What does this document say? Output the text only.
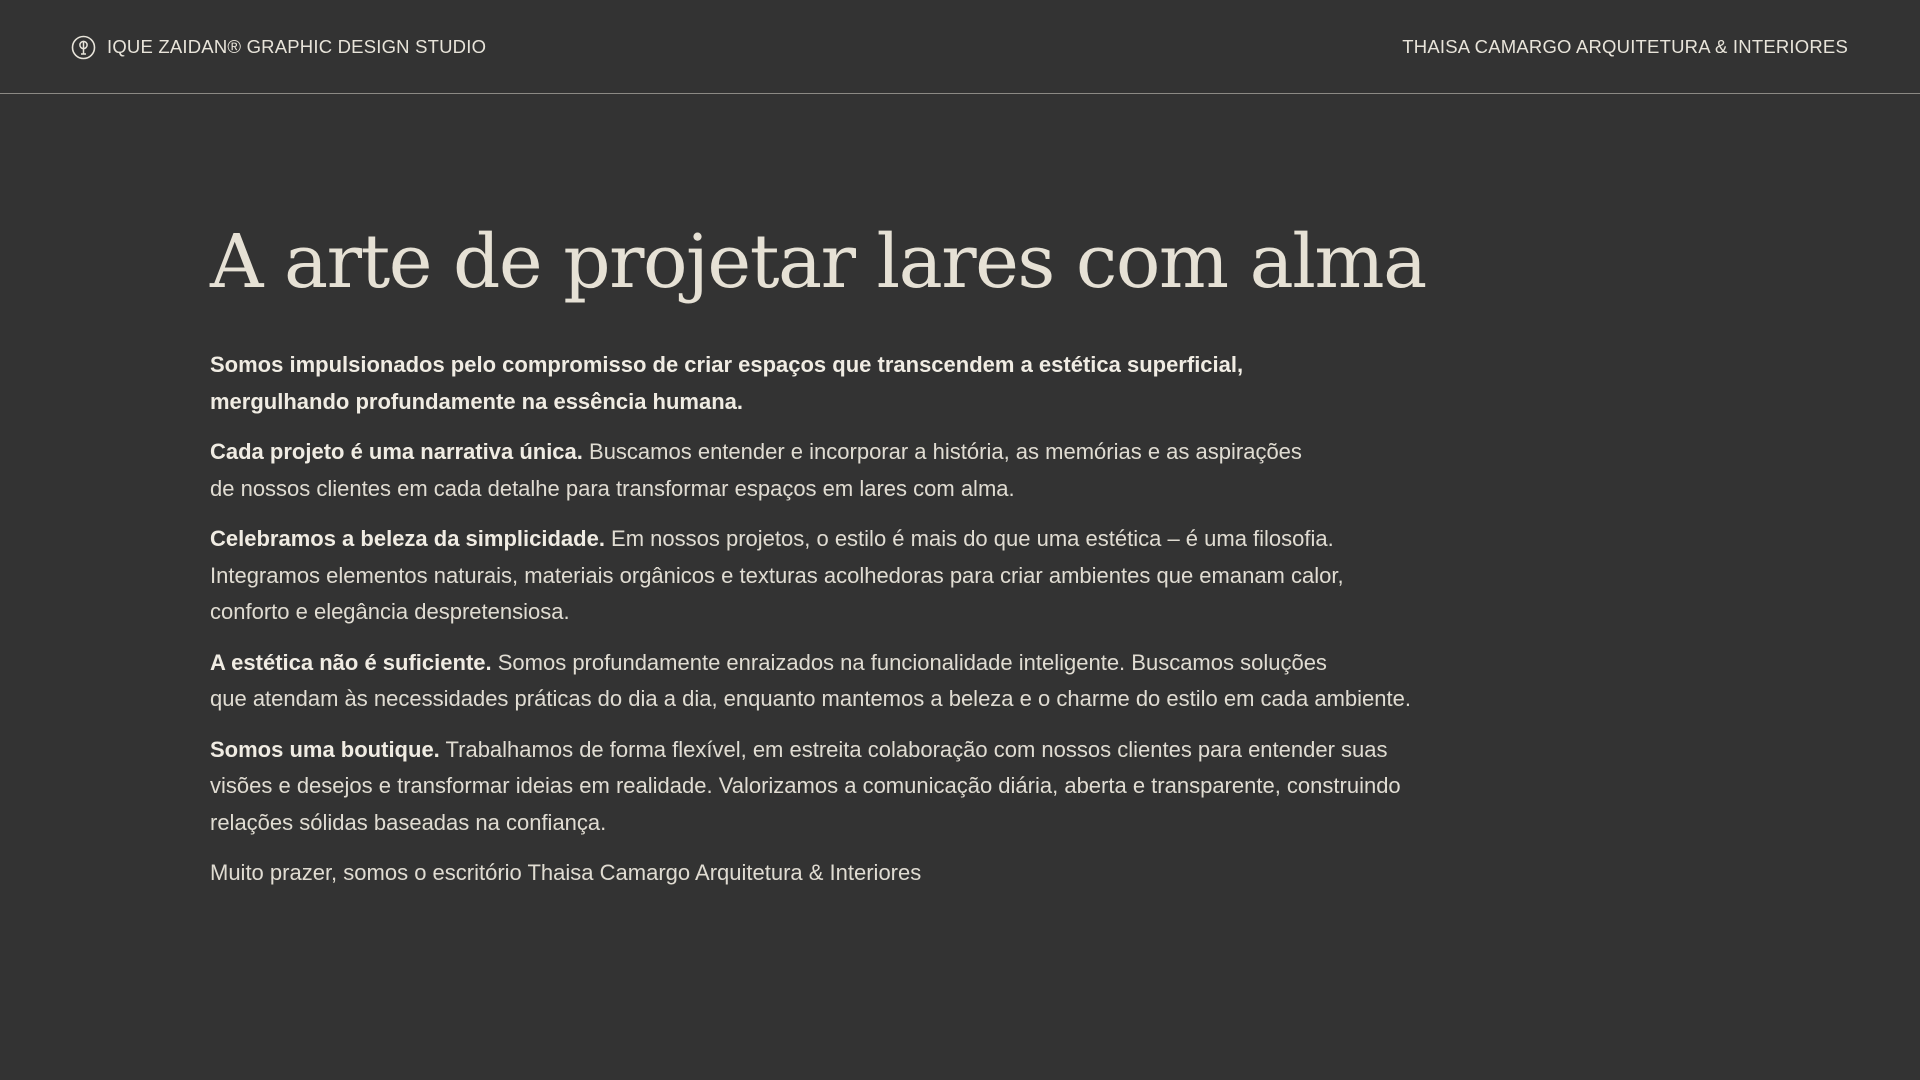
IQUE ZAIDAN® GRAPHIC DESIGN STUDIO	THAISA CAMARGO ARQUITETURA & INTERIORES
A arte de projetar lares com alma

Somos impulsionados pelo compromisso de criar espaços que transcendem a estética superficial,
mergulhando profundamente na essência humana.

Cada projeto é uma narrativa única. Buscamos entender e incorporar a história, as memórias e as aspirações
de nossos clientes em cada detalhe para transformar espaços em lares com alma.

Celebramos a beleza da simplicidade. Em nossos projetos, o estilo é mais do que uma estética – é uma filosofia.
Integramos elementos naturais, materiais orgânicos e texturas acolhedoras para criar ambientes que emanam calor,
conforto e elegância despretensiosa.

A estética não é suficiente. Somos profundamente enraizados na funcionalidade inteligente. Buscamos soluções
que atendam às necessidades práticas do dia a dia, enquanto mantemos a beleza e o charme do estilo em cada ambiente.

Somos uma boutique. Trabalhamos de forma flexível, em estreita colaboração com nossos clientes para entender suas
visões e desejos e transformar ideias em realidade. Valorizamos a comunicação diária, aberta e transparente, construindo
relações sólidas baseadas na confiança.

Muito prazer, somos o escritório Thaisa Camargo Arquitetura & Interiores
